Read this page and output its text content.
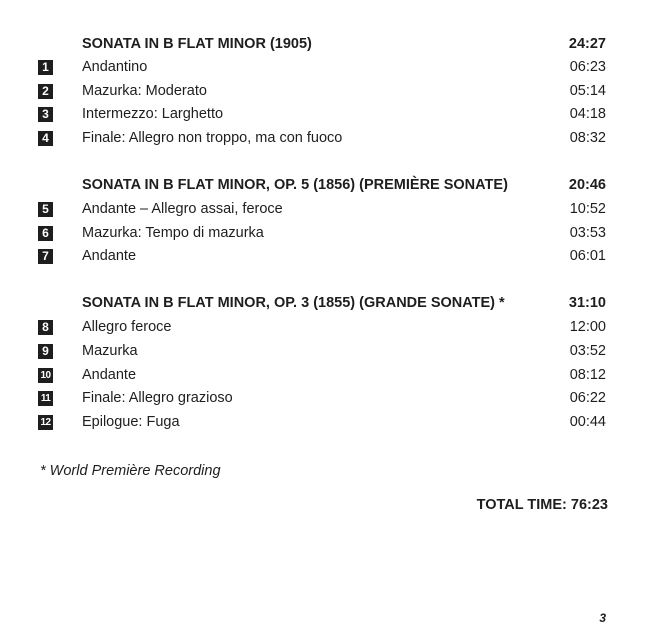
SONATA IN B FLAT MINOR (1905)	24:27
1 Andantino	06:23
2 Mazurka: Moderato	05:14
3 Intermezzo: Larghetto	04:18
4 Finale: Allegro non troppo, ma con fuoco	08:32
SONATA IN B FLAT MINOR, OP. 5 (1856) (PREMIÈRE SONATE)	20:46
5 Andante – Allegro assai, feroce	10:52
6 Mazurka: Tempo di mazurka	03:53
7 Andante	06:01
SONATA IN B FLAT MINOR, OP. 3 (1855) (GRANDE SONATE) *	31:10
8 Allegro feroce	12:00
9 Mazurka	03:52
10 Andante	08:12
11 Finale: Allegro grazioso	06:22
12 Epilogue: Fuga	00:44
* World Première Recording
TOTAL TIME: 76:23
3
